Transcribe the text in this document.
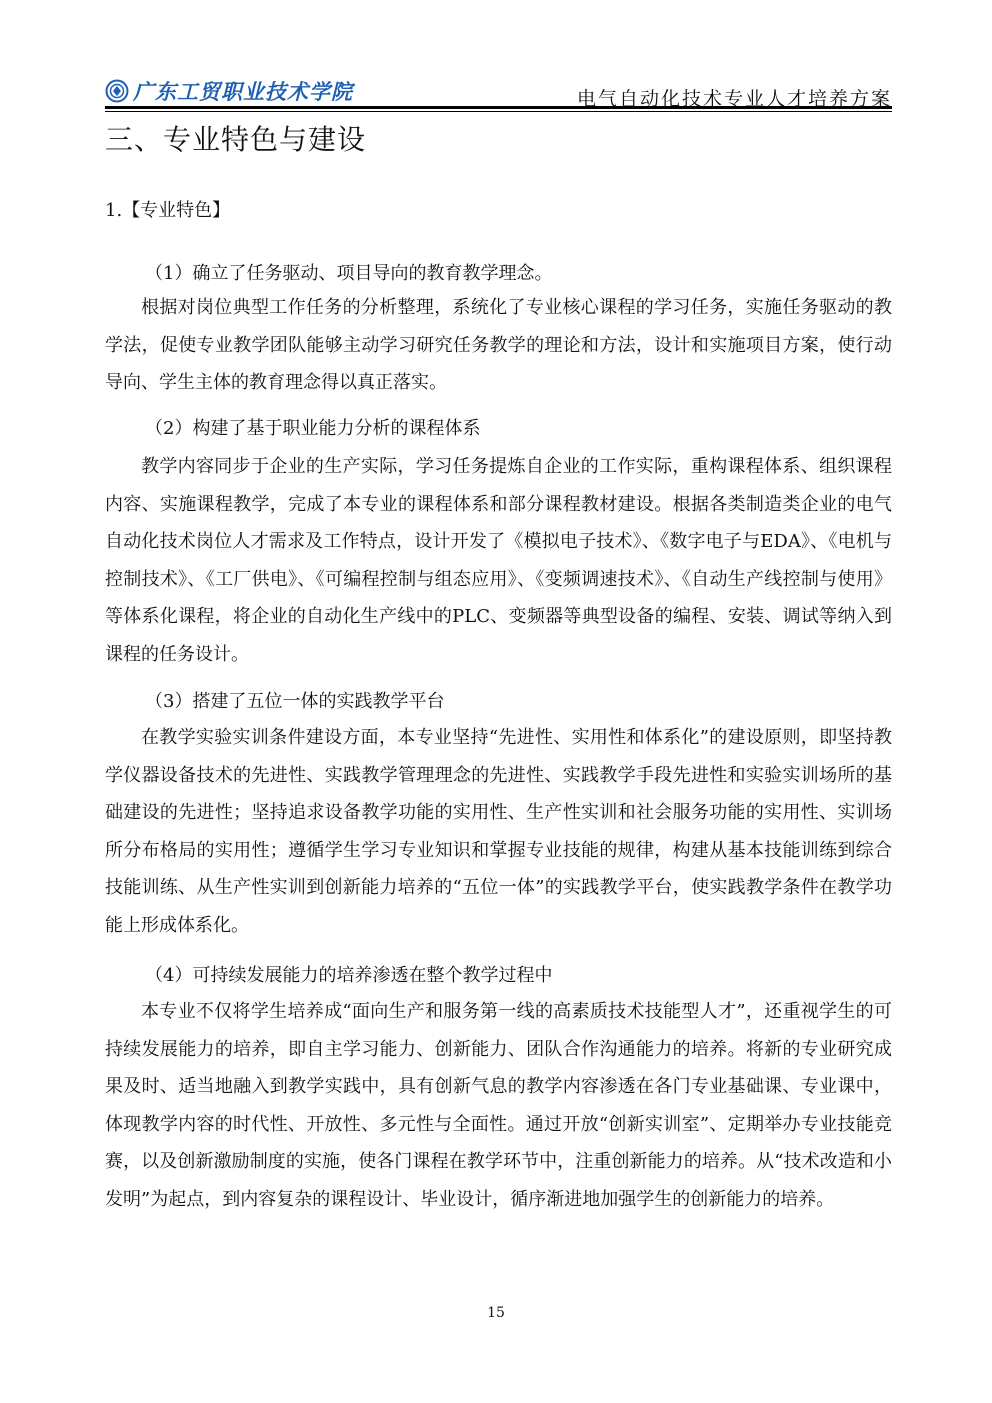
广东工贸职业技术学院	电气自动化技术专业人才培养方案
三、专业特色与建设
1.【专业特色】
（1）确立了任务驱动、项目导向的教育教学理念。

根据对岗位典型工作任务的分析整理，系统化了专业核心课程的学习任务，实施任务驱动的教学法，促使专业教学团队能够主动学习研究任务教学的理论和方法，设计和实施项目方案，使行动导向、学生主体的教育理念得以真正落实。

（2）构建了基于职业能力分析的课程体系

教学内容同步于企业的生产实际，学习任务提炼自企业的工作实际，重构课程体系、组织课程内容、实施课程教学，完成了本专业的课程体系和部分课程教材建设。根据各类制造类企业的电气自动化技术岗位人才需求及工作特点，设计开发了《模拟电子技术》、《数字电子与EDA》、《电机与控制技术》、《工厂供电》、《可编程控制与组态应用》、《变频调速技术》、《自动生产线控制与使用》等体系化课程，将企业的自动化生产线中的PLC、变频器等典型设备的编程、安装、调试等纳入到课程的任务设计。

（3）搭建了五位一体的实践教学平台

在教学实验实训条件建设方面，本专业坚持“先进性、实用性和体系化”的建设原则，即坚持教学仪器设备技术的先进性、实践教学管理理念的先进性、实践教学手段先进性和实验实训场所的基础建设的先进性；坚持追求设备教学功能的实用性、生产性实训和社会服务功能的实用性、实训场所分布格局的实用性；遵循学生学习专业知识和掌握专业技能的规律，构建从基本技能训练到综合技能训练、从生产性实训到创新能力培养的“五位一体”的实践教学平台，使实践教学条件在教学功能上形成体系化。

（4）可持续发展能力的培养渗透在整个教学过程中

本专业不仅将学生培养成“面向生产和服务第一线的高素质技术技能型人才”，还重视学生的可持续发展能力的培养，即自主学习能力、创新能力、团队合作沟通能力的培养。将新的专业研究成果及时、适当地融入到教学实践中，具有创新气息的教学内容渗透在各门专业基础课、专业课中，体现教学内容的时代性、开放性、多元性与全面性。通过开放“创新实训室”、定期举办专业技能竞赛，以及创新激励制度的实施，使各门课程在教学环节中，注重创新能力的培养。从“技术改造和小发明”为起点，到内容复杂的课程设计、毕业设计，循序渐进地加强学生的创新能力的培养。

15
